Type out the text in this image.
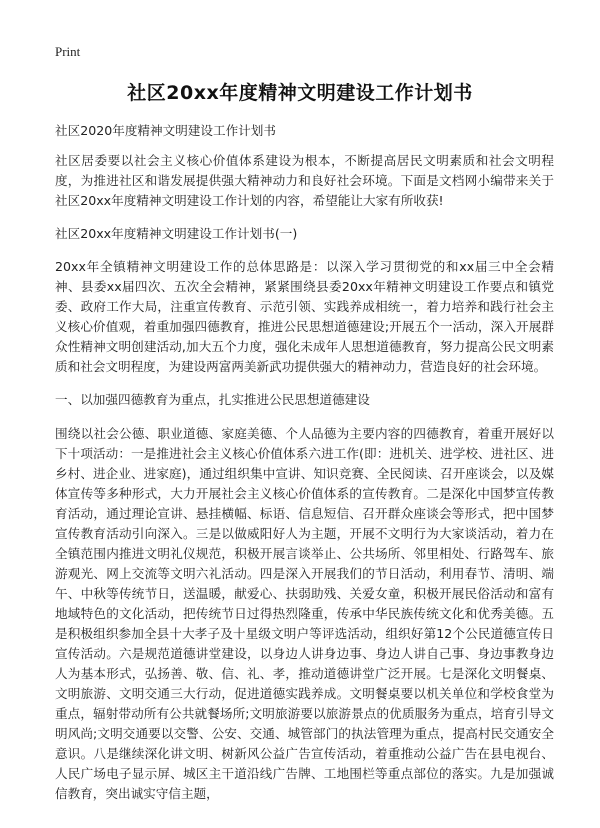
Print
社区20xx年度精神文明建设工作计划书

社区2020年度精神文明建设工作计划书

社区居委要以社会主义核心价值体系建设为根本，不断提高居民文明素质和社会文明程度，为推进社区和谐发展提供强大精神动力和良好社会环境。下面是文档网小编带来关于社区20xx年度精神文明建设工作计划的内容，希望能让大家有所收获!

社区20xx年度精神文明建设工作计划书(一)

20xx年全镇精神文明建设工作的总体思路是：以深入学习贯彻党的和xx届三中全会精神、县委xx届四次、五次全会精神，紧紧围绕县委20xx年精神文明建设工作要点和镇党委、政府工作大局，注重宣传教育、示范引领、实践养成相统一，着力培养和践行社会主义核心价值观，着重加强四德教育，推进公民思想道德建设;开展五个一活动，深入开展群众性精神文明创建活动,加大五个力度，强化未成年人思想道德教育，努力提高公民文明素质和社会文明程度，为建设两富两美新武功提供强大的精神动力，营造良好的社会环境。

一、以加强四德教育为重点，扎实推进公民思想道德建设

围绕以社会公德、职业道德、家庭美德、个人品德为主要内容的四德教育，着重开展好以下十项活动：一是推进社会主义核心价值体系六进工作(即：进机关、进学校、进社区、进乡村、进企业、进家庭)，通过组织集中宣讲、知识竞赛、全民阅读、召开座谈会，以及媒体宣传等多种形式，大力开展社会主义核心价值体系的宣传教育。二是深化中国梦宣传教育活动，通过理论宣讲、悬挂横幅、标语、信息短信、召开群众座谈会等形式，把中国梦宣传教育活动引向深入。三是以做威阳好人为主题，开展不文明行为大家谈活动，着力在全镇范围内推进文明礼仪规范，积极开展言谈举止、公共场所、邻里相处、行路驾车、旅游观光、网上交流等文明六礼活动。四是深入开展我们的节日活动，利用春节、清明、端午、中秋等传统节日，送温暖，献爱心、扶弱助残、关爱女童，积极开展民俗活动和富有地域特色的文化活动，把传统节日过得热烈隆重，传承中华民族传统文化和优秀美德。五是积极组织参加全县十大孝子及十星级文明户等评选活动，组织好第12个公民道德宣传日宣传活动。六是规范道德讲堂建设，以身边人讲身边事、身边人讲自己事、身边事教身边人为基本形式，弘扬善、敬、信、礼、孝，推动道德讲堂广泛开展。七是深化文明餐桌、文明旅游、文明交通三大行动，促进道德实践养成。文明餐桌要以机关单位和学校食堂为重点，辐射带动所有公共就餐场所;文明旅游要以旅游景点的优质服务为重点，培育引导文明风尚;文明交通要以交警、公安、交通、城管部门的执法管理为重点，提高村民交通安全意识。八是继续深化讲文明、树新风公益广告宣传活动，着重推动公益广告在县电视台、人民广场电子显示屏、城区主干道沿线广告牌、工地围栏等重点部位的落实。九是加强诚信教育，突出诚实守信主题，
